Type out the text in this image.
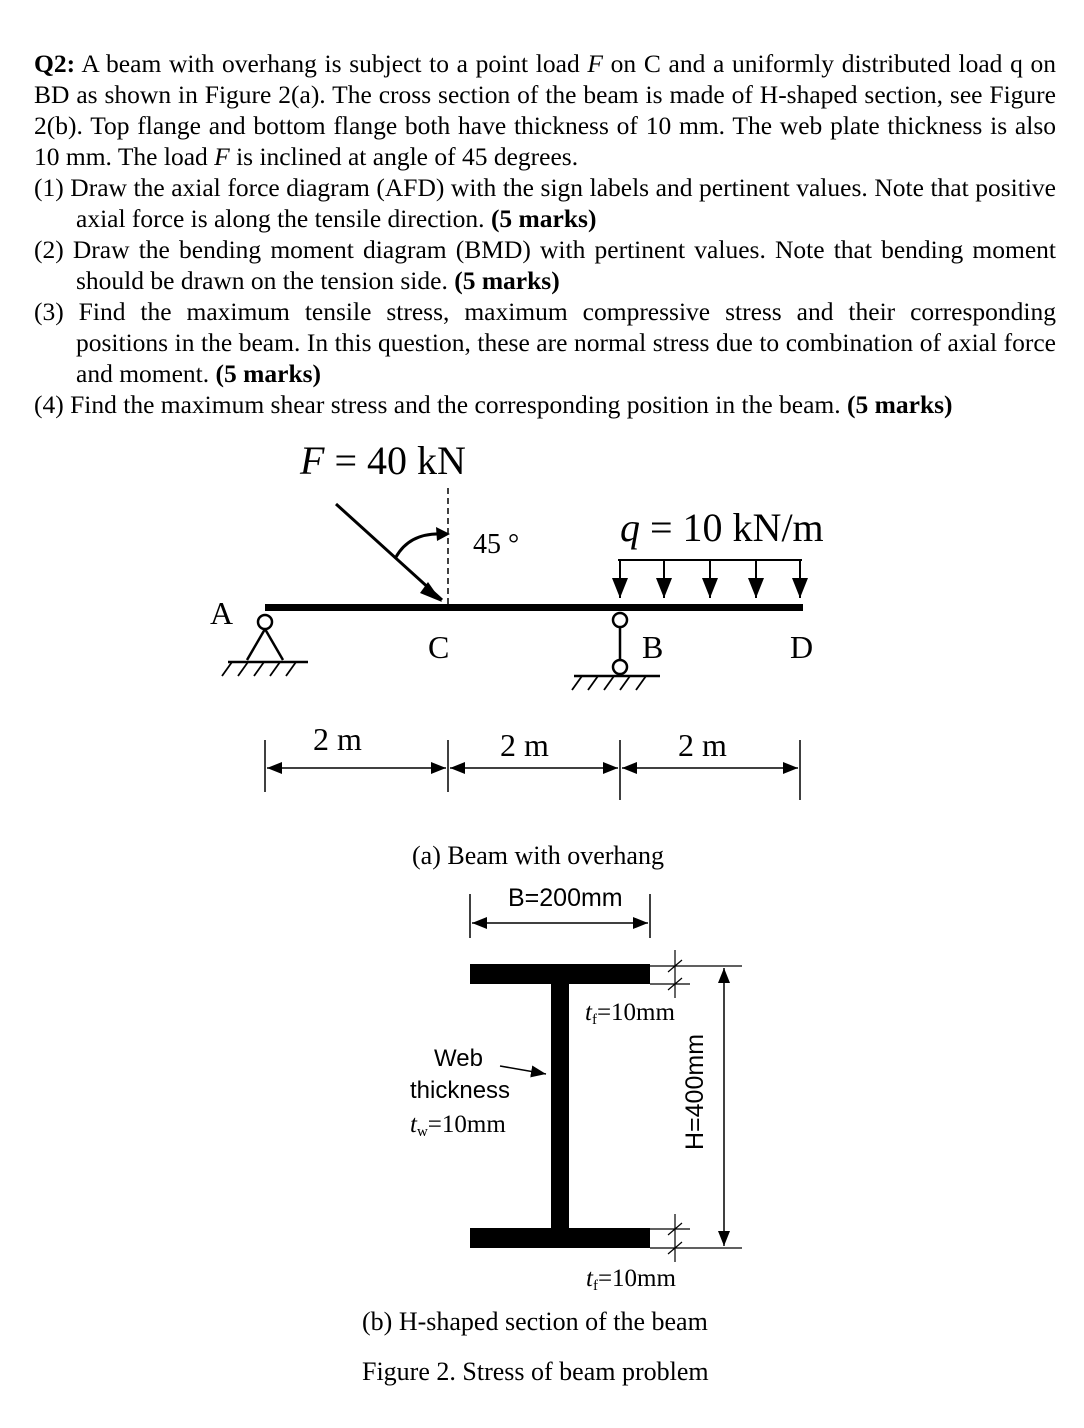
Q2: A beam with overhang is subject to a point load F on C and a uniformly distributed load q on BD as shown in Figure 2(a). The cross section of the beam is made of H-shaped section, see Figure 2(b). Top flange and bottom flange both have thickness of 10 mm. The web plate thickness is also 10 mm. The load F is inclined at angle of 45 degrees.

(1) Draw the axial force diagram (AFD) with the sign labels and pertinent values. Note that positive axial force is along the tensile direction. (5 marks)

(2) Draw the bending moment diagram (BMD) with pertinent values. Note that bending moment should be drawn on the tension side. (5 marks)

(3) Find the maximum tensile stress, maximum compressive stress and their corresponding positions in the beam. In this question, these are normal stress due to combination of axial force and moment. (5 marks)

(4) Find the maximum shear stress and the corresponding position in the beam. (5 marks)

F = 40 kN
45 °	q = 10 kN/m
A
C	B	D
2 m	2 m	2 m
(a) Beam with overhang
B=200mm
tf=10mm
H=400mm
tf=10mm
Web
thickness
tw=10mm
(b) H-shaped section of the beam
Figure 2. Stress of beam problem
